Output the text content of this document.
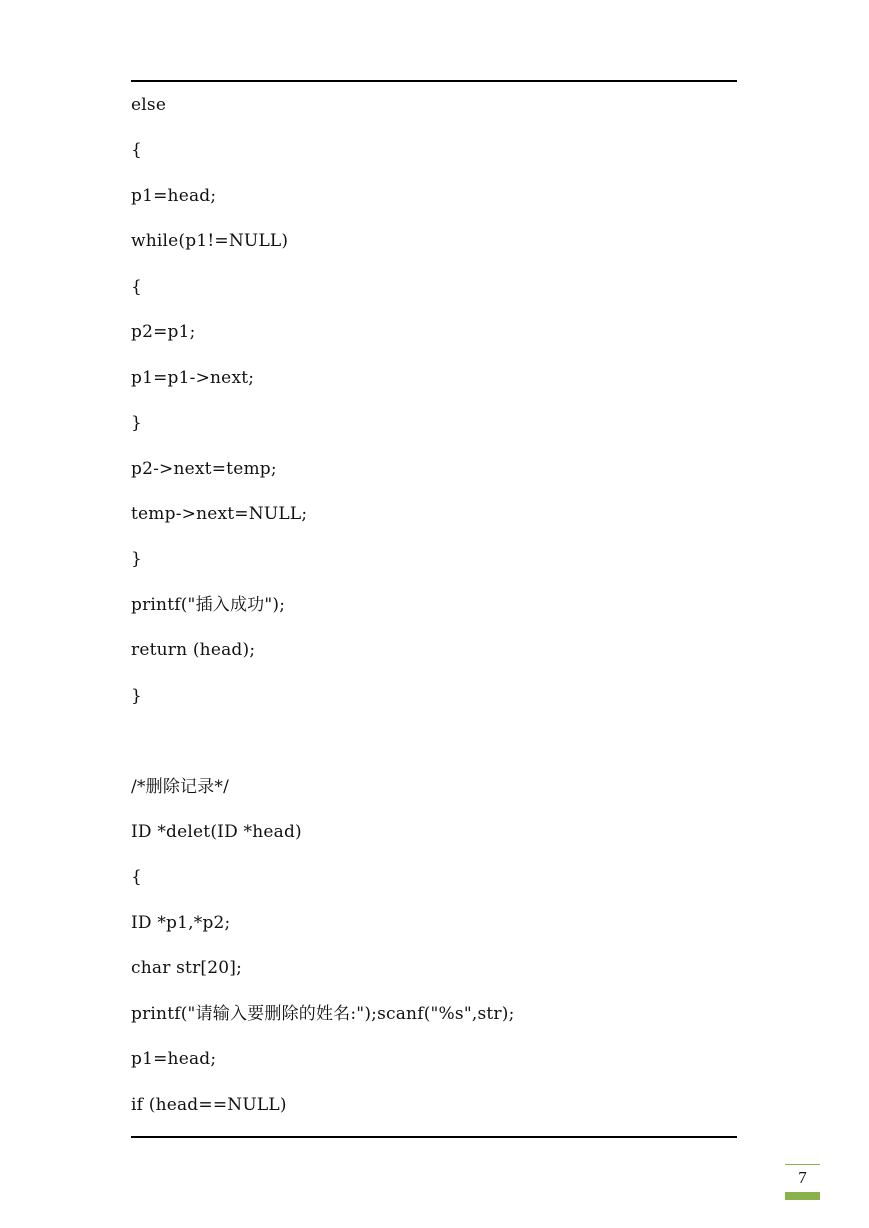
else
{
p1=head;
while(p1!=NULL)
{
p2=p1;
p1=p1->next;
}
p2->next=temp;
temp->next=NULL;
}
printf("插入成功");
return (head);
}
/*删除记录*/
ID *delet(ID *head)
{
ID *p1,*p2;
char str[20];
printf("请输入要删除的姓名:");scanf("%s",str);
p1=head;
if (head==NULL)
7
